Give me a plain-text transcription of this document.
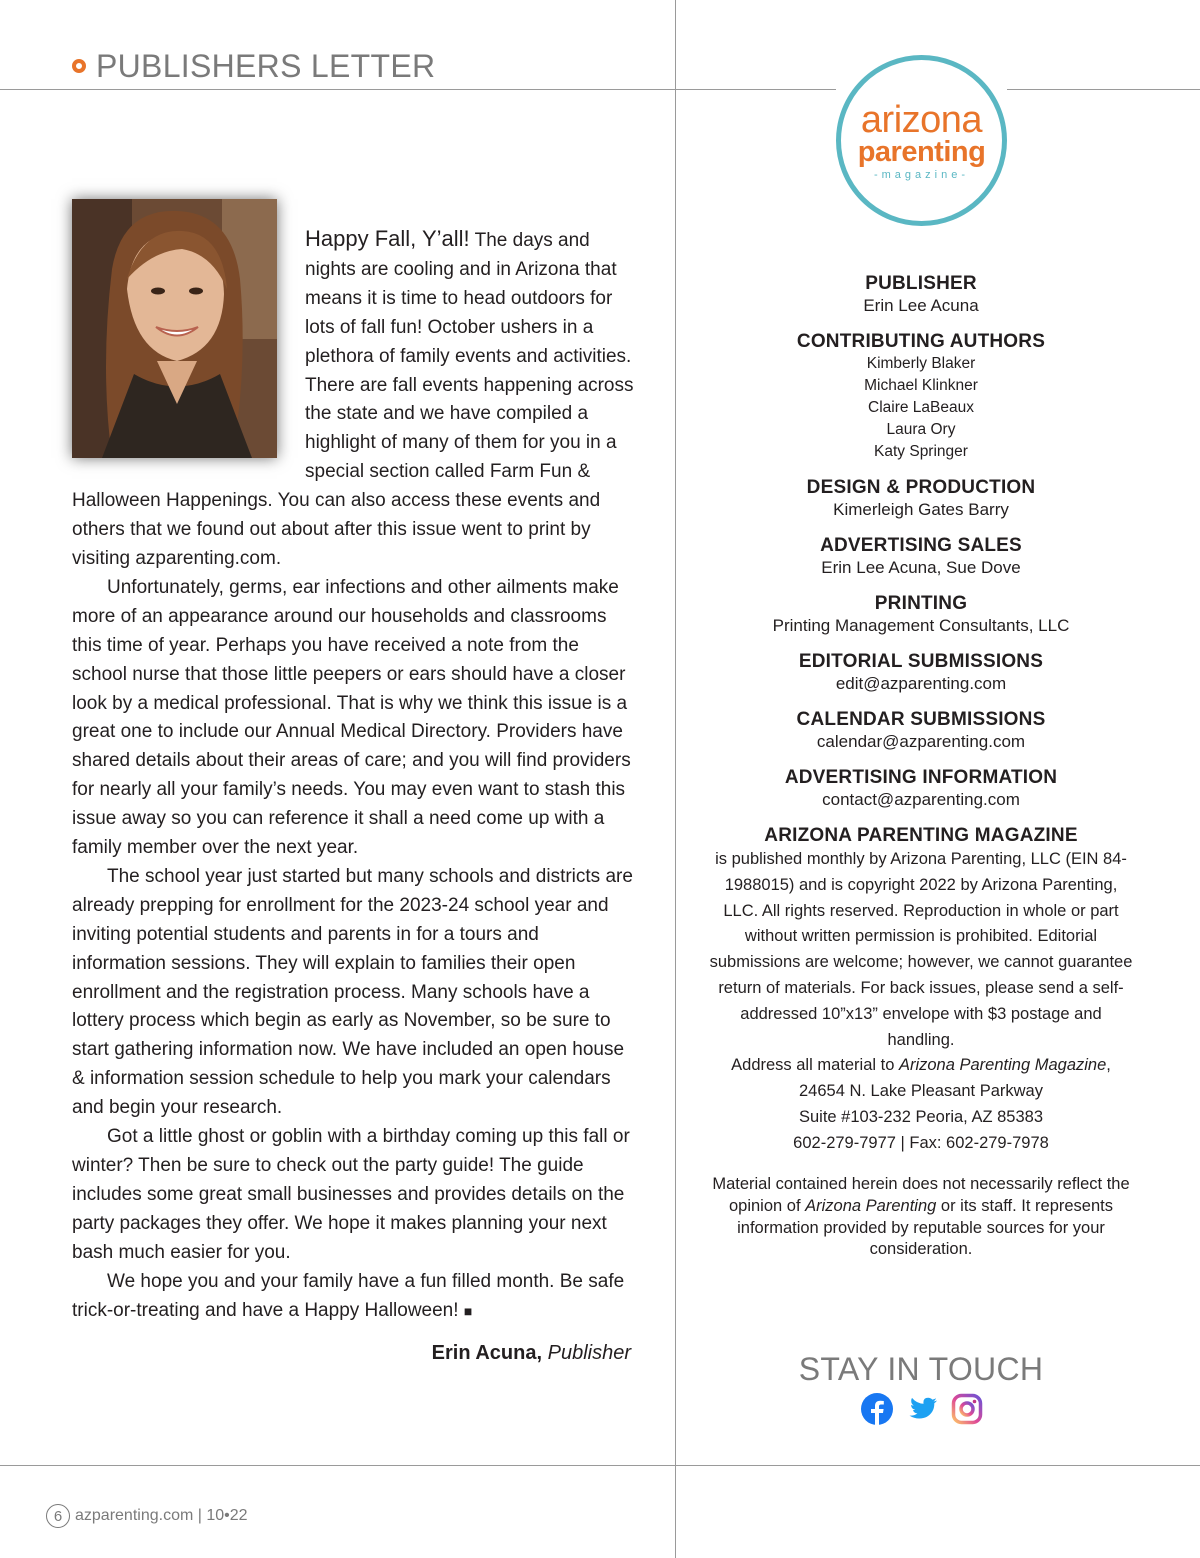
PUBLISHERS LETTER

Happy Fall, Y’all! The days and nights are cooling and in Arizona that means it is time to head outdoors for lots of fall fun! October ushers in a plethora of family events and activities. There are fall events happening across the state and we have compiled a highlight of many of them for you in a special section called Farm Fun & Halloween Happenings. You can also access these events and others that we found out about after this issue went to print by visiting azparenting.com.

Unfortunately, germs, ear infections and other ailments make more of an appearance around our households and classrooms this time of year. Perhaps you have received a note from the school nurse that those little peepers or ears should have a closer look by a medical professional. That is why we think this issue is a great one to include our Annual Medical Directory. Providers have shared details about their areas of care; and you will find providers for nearly all your family’s needs. You may even want to stash this issue away so you can reference it shall a need come up with a family member over the next year.

The school year just started but many schools and districts are already prepping for enrollment for the 2023-24 school year and inviting potential students and parents in for a tours and information sessions. They will explain to families their open enrollment and the registration process. Many schools have a lottery process which begin as early as November, so be sure to start gathering information now. We have included an open house & information session schedule to help you mark your calendars and begin your research.

Got a little ghost or goblin with a birthday coming up this fall or winter? Then be sure to check out the party guide! The guide includes some great small businesses and provides details on the party packages they offer. We hope it makes planning your next bash much easier for you.

We hope you and your family have a fun filled month. Be safe trick-or-treating and have a Happy Halloween! ■

Erin Acuna, Publisher
arizona
parenting
-magazine-
PUBLISHER
Erin Lee Acuna
CONTRIBUTING AUTHORS
Kimberly Blaker
Michael Klinkner
Claire LaBeaux
Laura Ory
Katy Springer
DESIGN & PRODUCTION
Kimerleigh Gates Barry
ADVERTISING SALES
Erin Lee Acuna, Sue Dove
PRINTING
Printing Management Consultants, LLC
EDITORIAL SUBMISSIONS
edit@azparenting.com
CALENDAR SUBMISSIONS
calendar@azparenting.com
ADVERTISING INFORMATION
contact@azparenting.com
ARIZONA PARENTING MAGAZINE
is published monthly by Arizona Parenting, LLC (EIN 84-1988015) and is copyright 2022 by Arizona Parenting, LLC. All rights reserved. Reproduction in whole or part without written permission is prohibited. Editorial submissions are welcome; however, we cannot guarantee return of materials. For back issues, please send a self-addressed 10”x13” envelope with $3 postage and handling.
Address all material to Arizona Parenting Magazine,
24654 N. Lake Pleasant Parkway
Suite #103-232 Peoria, AZ 85383
602-279-7977 | Fax: 602-279-7978
Material contained herein does not necessarily reflect the opinion of Arizona Parenting or its staff. It represents information provided by reputable sources for your consideration.
STAY IN TOUCH
6 azparenting.com | 10•22
